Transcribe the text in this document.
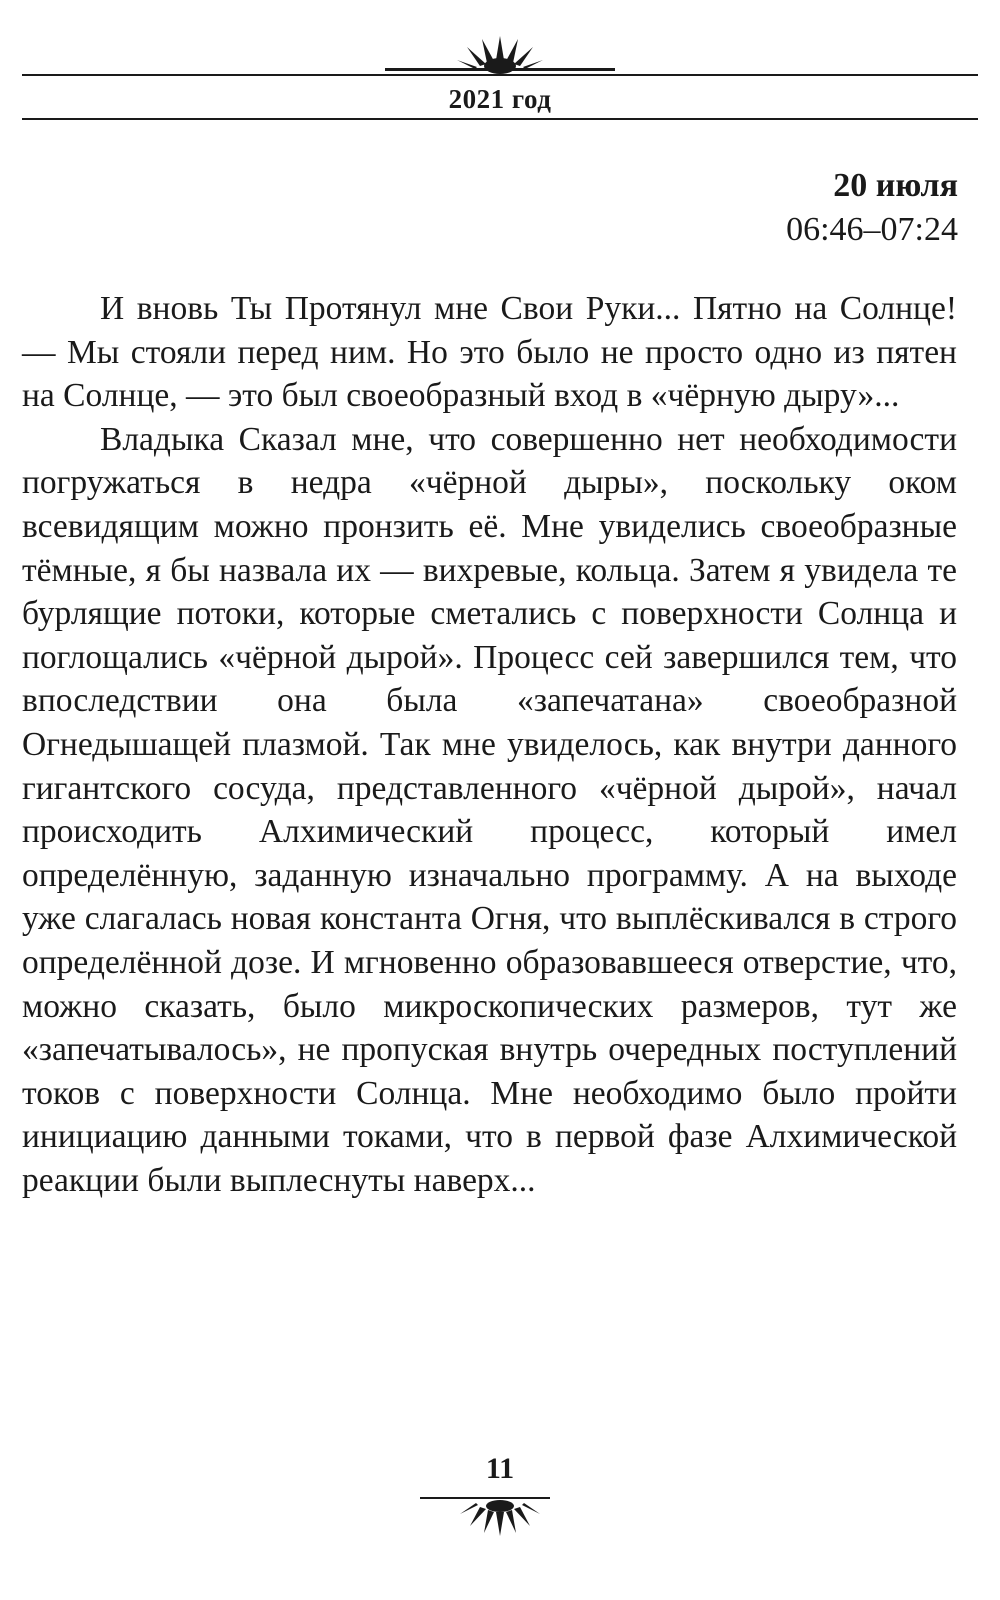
2021 год
20 июля
06:46–07:24

И вновь Ты Протянул мне Свои Руки... Пятно на Солнце! — Мы стояли перед ним. Но это было не просто одно из пятен на Солнце, — это был своеобразный вход в «чёрную дыру»...

Владыка Сказал мне, что совершенно нет необходимости погружаться в недра «чёрной дыры», поскольку оком всевидящим можно пронзить её. Мне увиделись своеобразные тёмные, я бы назвала их — вихревые, кольца. Затем я увидела те бурлящие потоки, которые сметались с поверхности Солнца и поглощались «чёрной дырой». Процесс сей завершился тем, что впоследствии она была «запечатана» своеобразной Огнедышащей плазмой. Так мне увиделось, как внутри данного гигантского сосуда, представленного «чёрной дырой», начал происходить Алхимический процесс, который имел определённую, заданную изначально программу. А на выходе уже слагалась новая константа Огня, что выплёскивался в строго определённой дозе. И мгновенно образовавшееся отверстие, что, можно сказать, было микроскопических размеров, тут же «запечатывалось», не пропуская внутрь очередных поступлений токов с поверхности Солнца. Мне необходимо было пройти инициацию данными токами, что в первой фазе Алхимической реакции были выплеснуты наверх...

11
